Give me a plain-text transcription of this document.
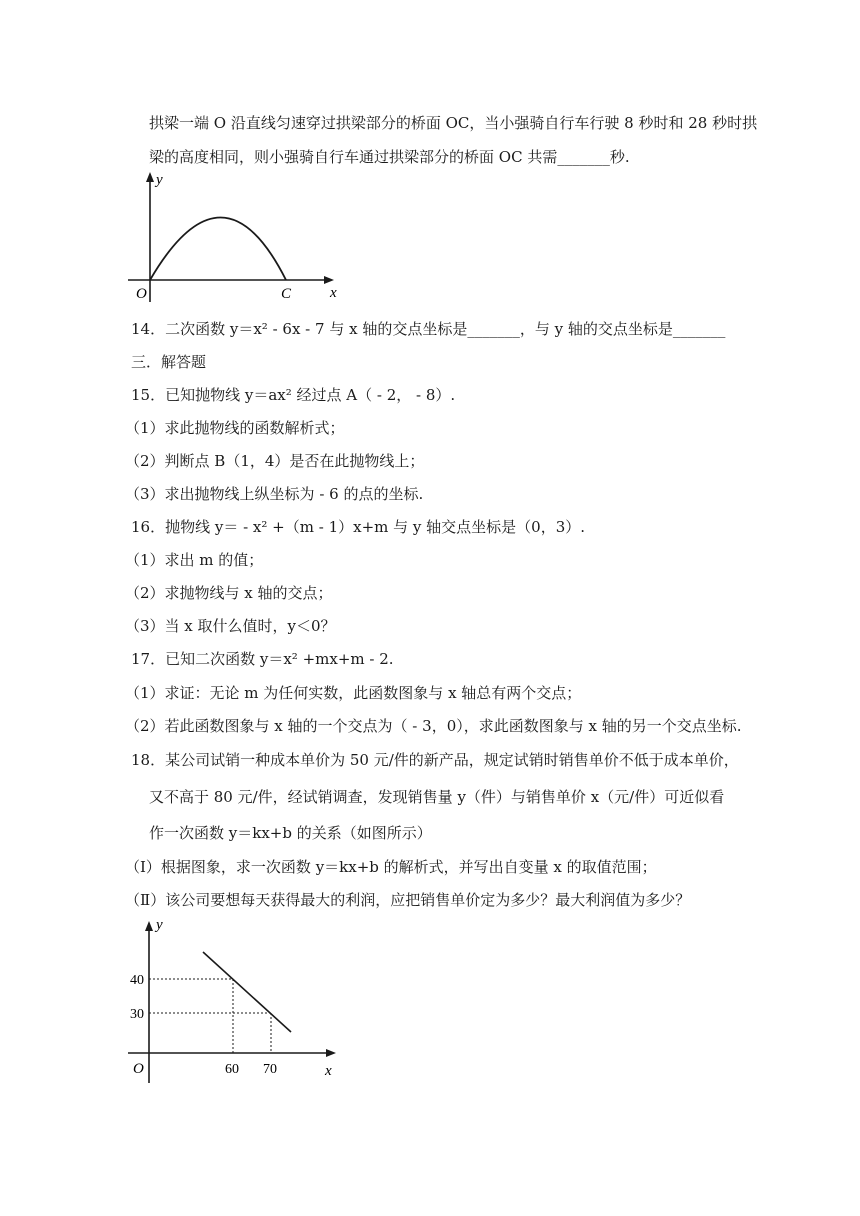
拱梁一端 O 沿直线匀速穿过拱梁部分的桥面 OC，当小强骑自行车行驶 8 秒时和 28 秒时拱
梁的高度相同，则小强骑自行车通过拱梁部分的桥面 OC 共需_______秒.
y
x
O	C
14．二次函数 y＝x² - 6x - 7 与 x 轴的交点坐标是_______，与 y 轴的交点坐标是_______
三．解答题
15．已知抛物线 y＝ax² 经过点 A（ - 2， - 8）.
（1）求此抛物线的函数解析式；
（2）判断点 B（1，4）是否在此抛物线上；
（3）求出抛物线上纵坐标为 - 6 的点的坐标.
16．抛物线 y＝ - x² +（m - 1）x+m 与 y 轴交点坐标是（0，3）.
（1）求出 m 的值；
（2）求抛物线与 x 轴的交点；
（3）当 x 取什么值时，y＜0？
17．已知二次函数 y＝x² +mx+m - 2.
（1）求证：无论 m 为任何实数，此函数图象与 x 轴总有两个交点；
（2）若此函数图象与 x 轴的一个交点为（ - 3，0），求此函数图象与 x 轴的另一个交点坐标.
18．某公司试销一种成本单价为 50 元/件的新产品，规定试销时销售单价不低于成本单价，
又不高于 80 元/件，经试销调查，发现销售量 y（件）与销售单价 x（元/件）可近似看
作一次函数 y＝kx+b 的关系（如图所示）
（I）根据图象，求一次函数 y＝kx+b 的解析式，并写出自变量 x 的取值范围；
（Ⅱ）该公司要想每天获得最大的利润，应把销售单价定为多少？最大利润值为多少？
y
x
O
40
30
60 70
